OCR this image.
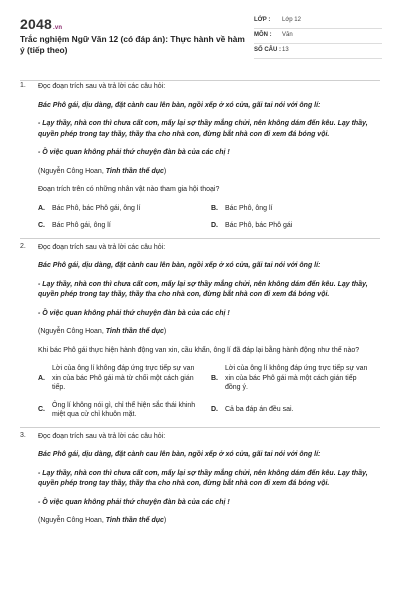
2048.vn
Trắc nghiệm Ngữ Văn 12 (có đáp án): Thực hành về hàm ý (tiếp theo)
LỚP : Lớp 12
MÔN : Văn
SỐ CÂU : 13
1. Đọc đoạn trích sau và trả lời các câu hỏi:

Bác Phô gái, dịu dàng, đặt cành cau lên bàn, ngồi xếp ở xó cửa, gãi tai nói với ông lí:

- Lạy thầy, nhà con thì chưa cất cơn, mấy lại sợ thầy mắng chửi, nên không dám đến kêu. Lạy thầy, quyền phép trong tay thầy, thầy tha cho nhà con, đừng bắt nhà con đi xem đá bóng vội.

- Ồ việc quan không phải thứ chuyện đàn bà của các chị !

(Nguyễn Công Hoan, Tinh thần thể dục)

Đoạn trích trên có những nhân vật nào tham gia hội thoại?

A.	Bác Phô, bác Phô gái, ông lí	B.	Bác Phô, ông lí
C.	Bác Phô gái, ông lí	D.	Bác Phô, bác Phô gái
2. Đọc đoạn trích sau và trả lời các câu hỏi:

Bác Phô gái, dịu dàng, đặt cành cau lên bàn, ngồi xếp ở xó cửa, gãi tai nói với ông lí:

- Lạy thầy, nhà con thì chưa cất cơn, mấy lại sợ thầy mắng chửi, nên không dám đến kêu. Lạy thầy, quyền phép trong tay thầy, thầy tha cho nhà con, đừng bắt nhà con đi xem đá bóng vội.

- Ồ việc quan không phải thứ chuyện đàn bà của các chị !

(Nguyễn Công Hoan, Tinh thần thể dục)

Khi bác Phô gái thực hiện hành động van xin, cầu khẩn, ông lí đã đáp lại bằng hành động như thế nào?

A.
Lời của ông lí không đáp ứng trực tiếp sự van xin của bác Phô gái mà từ chối một cách gián tiếp.
B.
Lời của ông lí không đáp ứng trực tiếp sự van xin của bác Phô gái mà một cách gián tiếp đồng ý.
C.
Ông lí không nói gì, chỉ thể hiện sắc thái khinh miệt qua cử chỉ khuôn mặt.
D.	Cả ba đáp án đều sai.
3. Đọc đoạn trích sau và trả lời các câu hỏi:

Bác Phô gái, dịu dàng, đặt cành cau lên bàn, ngồi xếp ở xó cửa, gãi tai nói với ông lí:

- Lạy thầy, nhà con thì chưa cất cơn, mấy lại sợ thầy mắng chửi, nên không dám đến kêu. Lạy thầy, quyền phép trong tay thầy, thầy tha cho nhà con, đừng bắt nhà con đi xem đá bóng vội.

- Ồ việc quan không phải thứ chuyện đàn bà của các chị !

(Nguyễn Công Hoan, Tinh thần thể dục)
